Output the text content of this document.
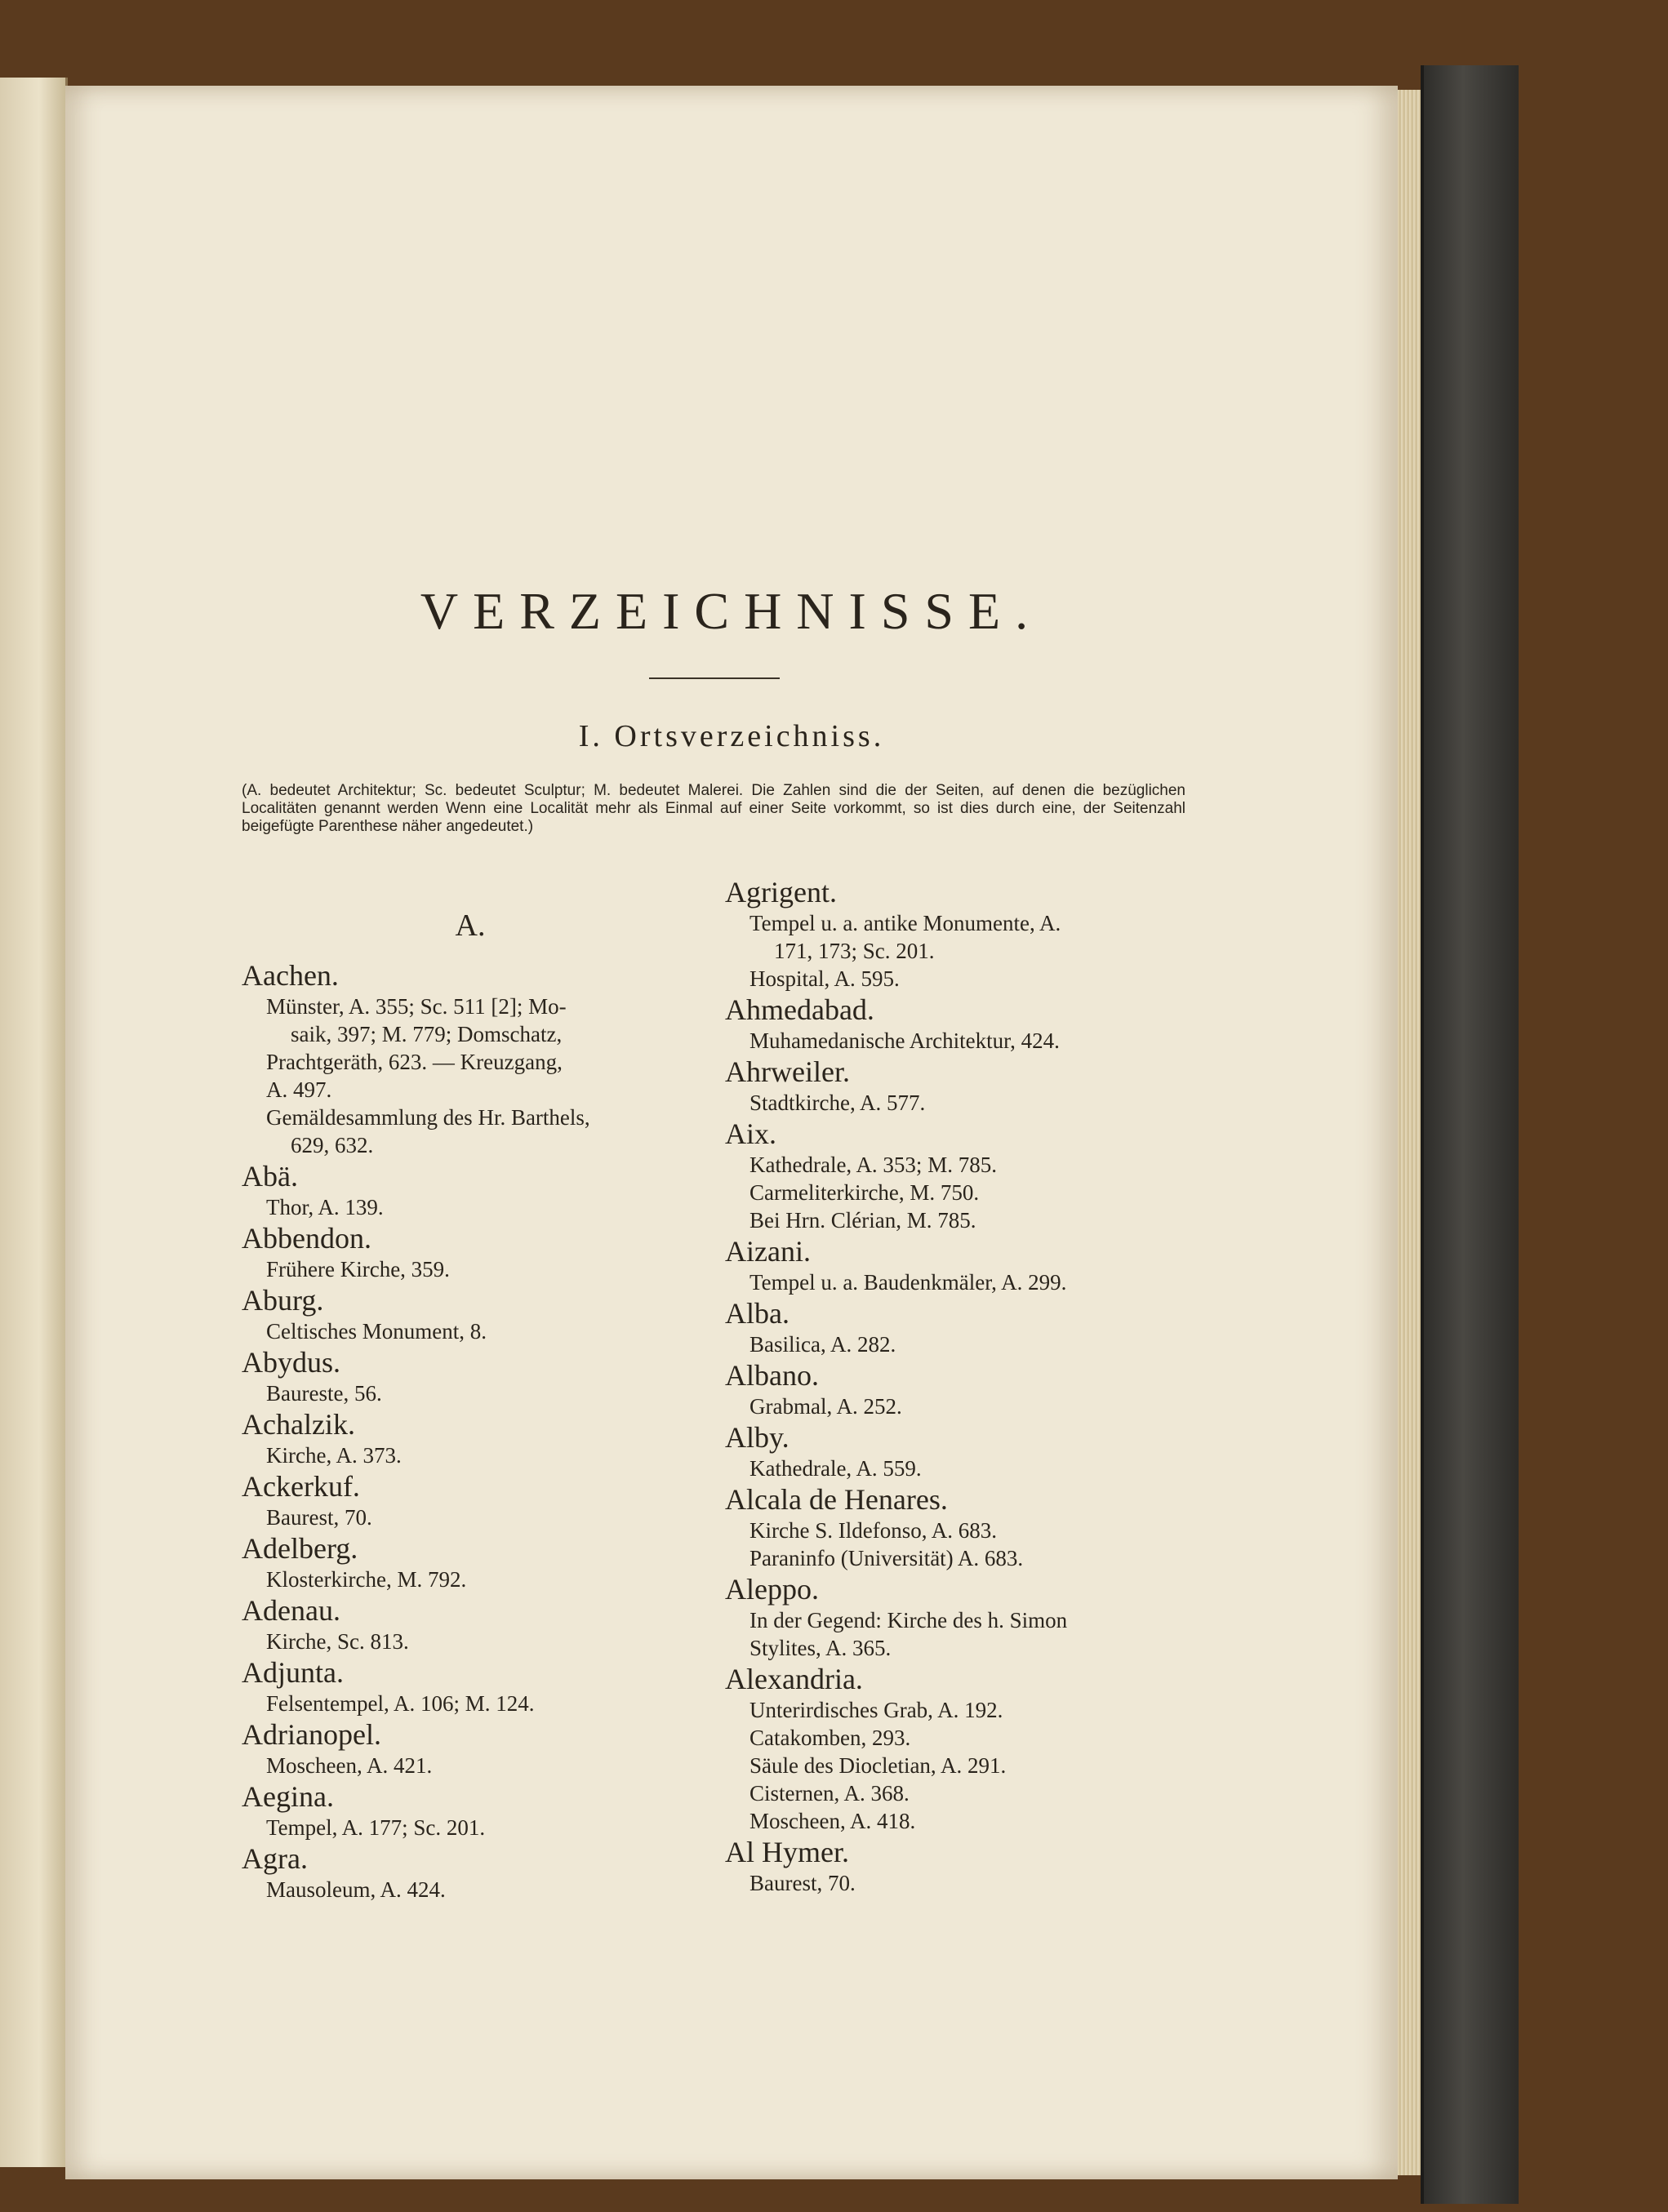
VERZEICHNISSE.
I. Ortsverzeichniss.
(A. bedeutet Architektur; Sc. bedeutet Sculptur; M. bedeutet Malerei. Die Zahlen sind die der Seiten, auf denen die bezüglichen Localitäten genannt werden Wenn eine Localität mehr als Einmal auf einer Seite vorkommt, so ist dies durch eine, der Seitenzahl beigefügte Parenthese näher angedeutet.)
A.
Aachen.
Münster, A. 355; Sc. 511 [2]; Mo-
saik, 397; M. 779; Domschatz,
Prachtgeräth, 623. — Kreuzgang,
A. 497.
Gemäldesammlung des Hr. Barthels,
629, 632.
Abä.
Thor, A. 139.
Abbendon.
Frühere Kirche, 359.
Aburg.
Celtisches Monument, 8.
Abydus.
Baureste, 56.
Achalzik.
Kirche, A. 373.
Ackerkuf.
Baurest, 70.
Adelberg.
Klosterkirche, M. 792.
Adenau.
Kirche, Sc. 813.
Adjunta.
Felsentempel, A. 106; M. 124.
Adrianopel.
Moscheen, A. 421.
Aegina.
Tempel, A. 177; Sc. 201.
Agra.
Mausoleum, A. 424.
Agrigent.
Tempel u. a. antike Monumente, A.
171, 173; Sc. 201.
Hospital, A. 595.
Ahmedabad.
Muhamedanische Architektur, 424.
Ahrweiler.
Stadtkirche, A. 577.
Aix.
Kathedrale, A. 353; M. 785.
Carmeliterkirche, M. 750.
Bei Hrn. Clérian, M. 785.
Aizani.
Tempel u. a. Baudenkmäler, A. 299.
Alba.
Basilica, A. 282.
Albano.
Grabmal, A. 252.
Alby.
Kathedrale, A. 559.
Alcala de Henares.
Kirche S. Ildefonso, A. 683.
Paraninfo (Universität) A. 683.
Aleppo.
In der Gegend: Kirche des h. Simon
Stylites, A. 365.
Alexandria.
Unterirdisches Grab, A. 192.
Catakomben, 293.
Säule des Diocletian, A. 291.
Cisternen, A. 368.
Moscheen, A. 418.
Al Hymer.
Baurest, 70.
